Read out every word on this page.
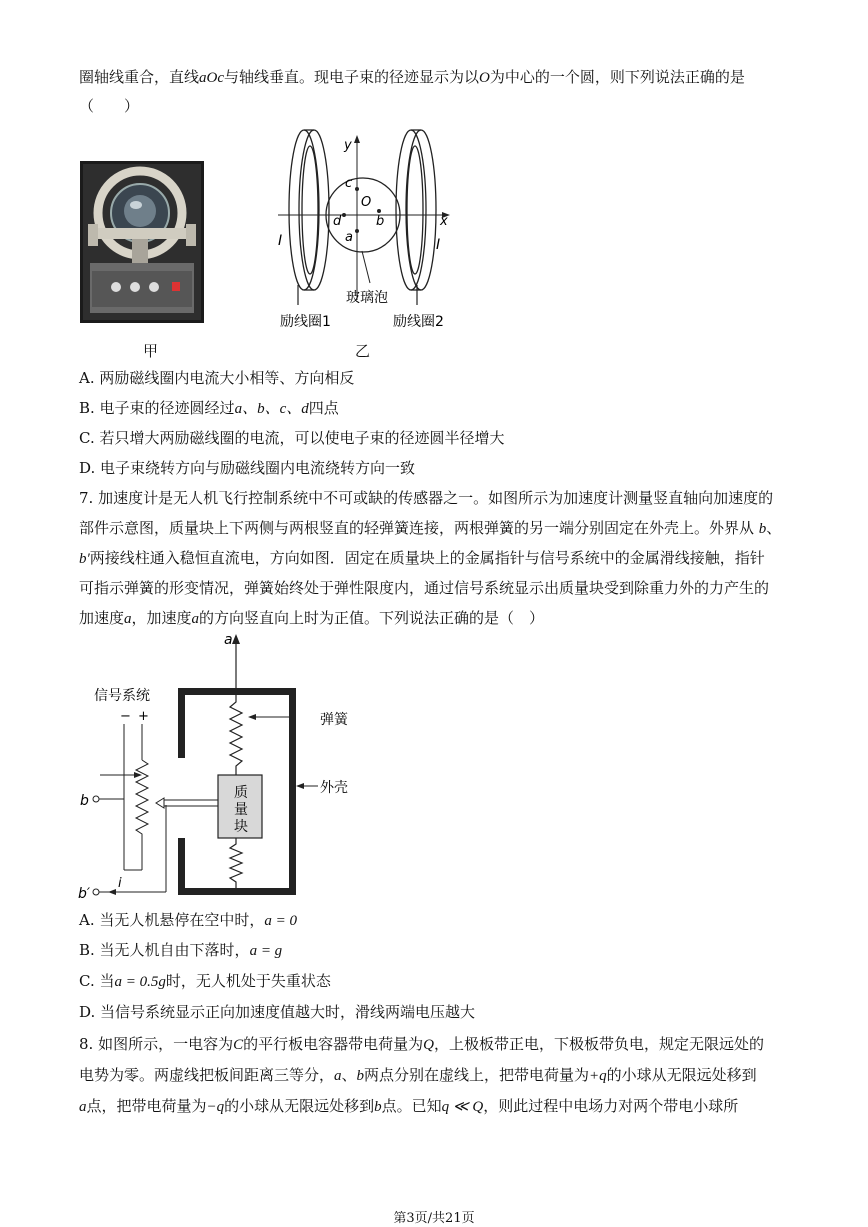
圈轴线重合，直线aOc与轴线垂直。现电子束的径迹显示为以O为中心的一个圆，则下列说法正确的是
（　　）
甲
y
x
O
c
d	b
a
I	I
玻璃泡
励线圈1	励线圈2
乙
A. 两励磁线圈内电流大小相等、方向相反
B. 电子束的径迹圆经过a、b、c、d四点
C. 若只增大两励磁线圈的电流，可以使电子束的径迹圆半径增大
D. 电子束绕转方向与励磁线圈内电流绕转方向一致
7. 加速度计是无人机飞行控制系统中不可或缺的传感器之一。如图所示为加速度计测量竖直轴向加速度的
部件示意图，质量块上下两侧与两根竖直的轻弹簧连接，两根弹簧的另一端分别固定在外壳上。外界从 b、
b′两接线柱通入稳恒直流电，方向如图．固定在质量块上的金属指针与信号系统中的金属滑线接触，指针
可指示弹簧的形变情况，弹簧始终处于弹性限度内，通过信号系统显示出质量块受到除重力外的力产生的
加速度a，加速度a的方向竖直向上时为正值。下列说法正确的是（　）
a
质
量
块
弹簧
外壳
信号系统
− +
b
b′
i
A. 当无人机悬停在空中时，a = 0
B. 当无人机自由下落时，a = g
C. 当a = 0.5g时，无人机处于失重状态
D. 当信号系统显示正向加速度值越大时，滑线两端电压越大
8. 如图所示，一电容为C的平行板电容器带电荷量为Q，上极板带正电，下极板带负电，规定无限远处的
电势为零。两虚线把板间距离三等分，a、b两点分别在虚线上，把带电荷量为+q的小球从无限远处移到
a点，把带电荷量为−q的小球从无限远处移到b点。已知q ≪ Q，则此过程中电场力对两个带电小球所
第3页/共21页
